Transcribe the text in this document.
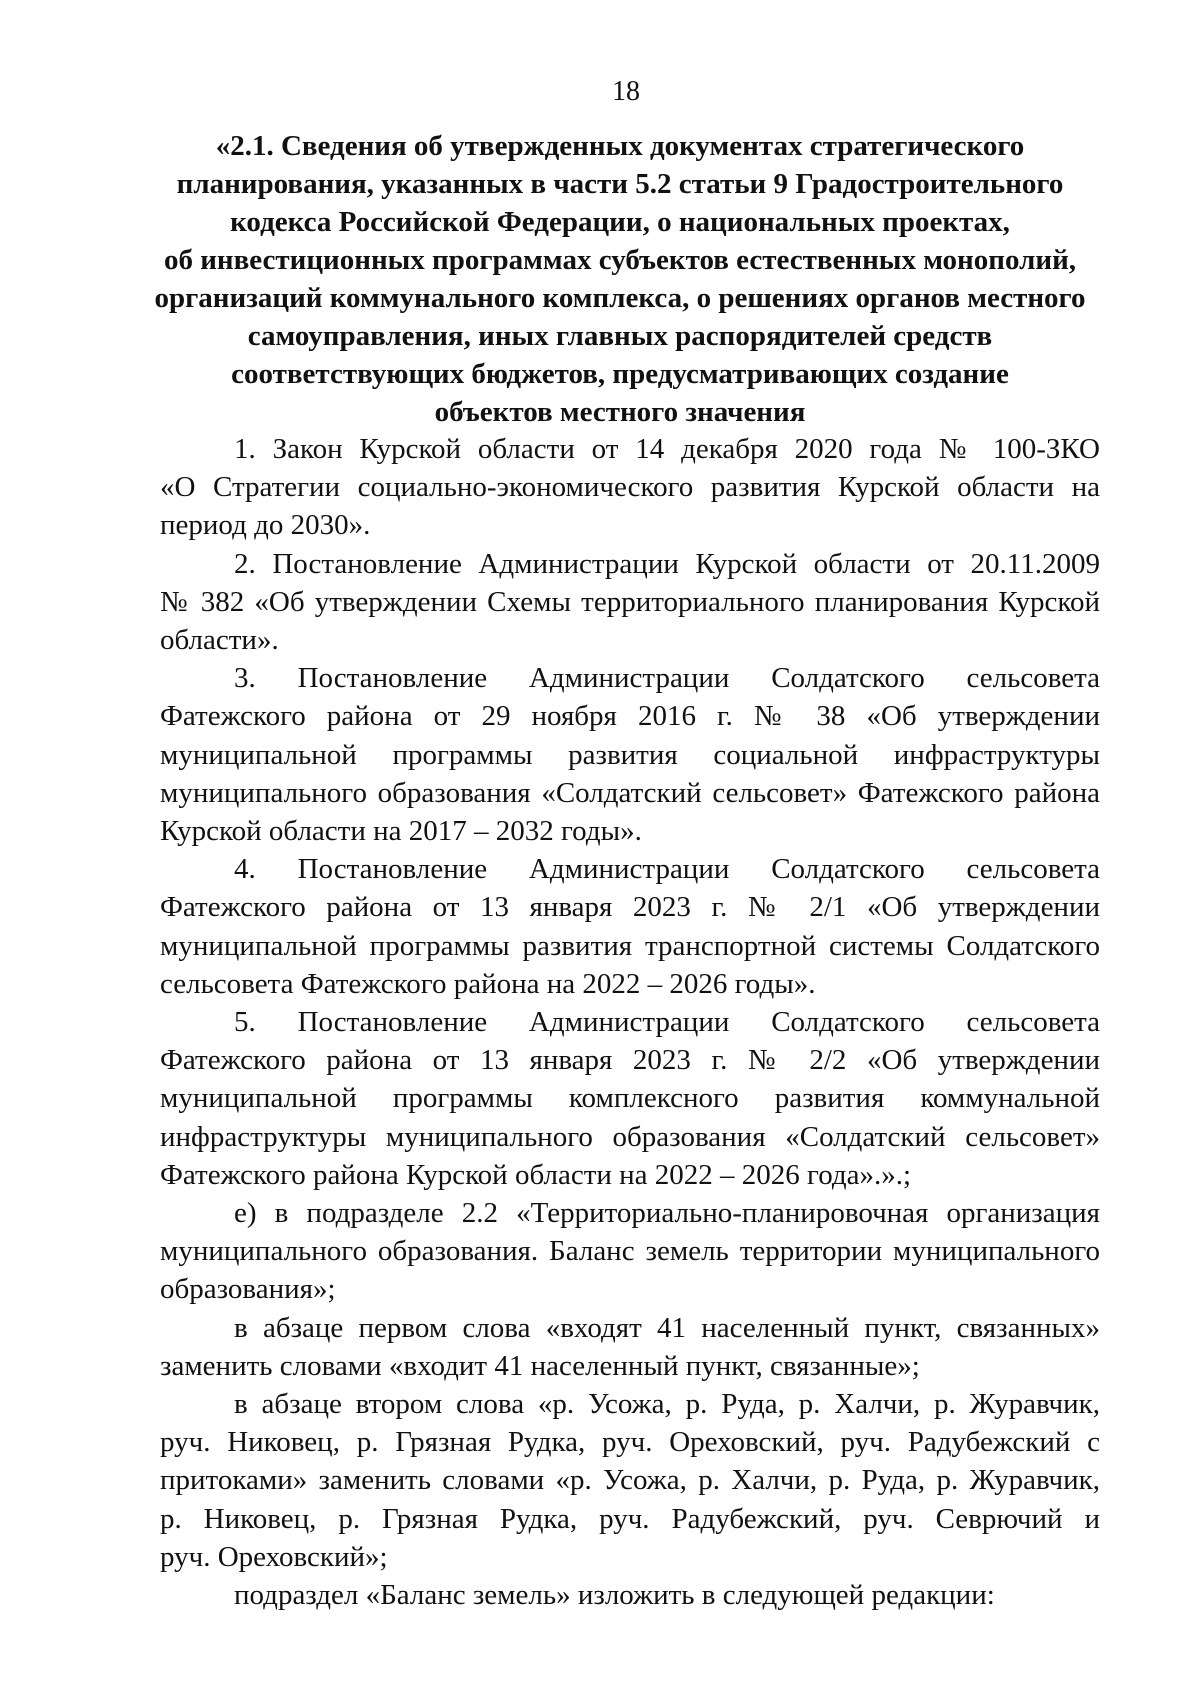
18
«2.1. Сведения об утвержденных документах стратегического
планирования, указанных в части 5.2 статьи 9 Градостроительного
кодекса Российской Федерации, о национальных проектах,
об инвестиционных программах субъектов естественных монополий,
организаций коммунального комплекса, о решениях органов местного
самоуправления, иных главных распорядителей средств
соответствующих бюджетов, предусматривающих создание
объектов местного значения
1. Закон Курской области от 14 декабря 2020 года № 100-ЗКО
«О Стратегии социально-экономического развития Курской области на
период до 2030».
2. Постановление Администрации Курской области от 20.11.2009
№ 382 «Об утверждении Схемы территориального планирования Курской
области».
3. Постановление Администрации Солдатского сельсовета
Фатежского района от 29 ноября 2016 г. № 38 «Об утверждении
муниципальной программы развития социальной инфраструктуры
муниципального образования «Солдатский сельсовет» Фатежского района
Курской области на 2017 – 2032 годы».
4. Постановление Администрации Солдатского сельсовета
Фатежского района от 13 января 2023 г. № 2/1 «Об утверждении
муниципальной программы развития транспортной системы Солдатского
сельсовета Фатежского района на 2022 – 2026 годы».
5. Постановление Администрации Солдатского сельсовета
Фатежского района от 13 января 2023 г. № 2/2 «Об утверждении
муниципальной программы комплексного развития коммунальной
инфраструктуры муниципального образования «Солдатский сельсовет»
Фатежского района Курской области на 2022 – 2026 года».».;
е) в подразделе 2.2 «Территориально-планировочная организация
муниципального образования. Баланс земель территории муниципального
образования»;
в абзаце первом слова «входят 41 населенный пункт, связанных»
заменить словами «входит 41 населенный пункт, связанные»;
в абзаце втором слова «р. Усожа, р. Руда, р. Халчи, р. Журавчик,
руч. Никовец, р. Грязная Рудка, руч. Ореховский, руч. Радубежский с
притоками» заменить словами «р. Усожа, р. Халчи, р. Руда, р. Журавчик,
р. Никовец, р. Грязная Рудка, руч. Радубежский, руч. Севрючий и
руч. Ореховский»;
подраздел «Баланс земель» изложить в следующей редакции:
